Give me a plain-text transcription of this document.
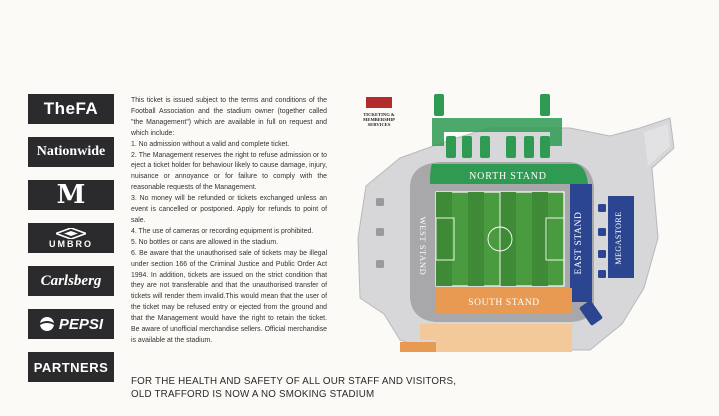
TheFA
Nationwide
M
UMBRO
Carlsberg
PEPSI
PARTNERS

This ticket is issued subject to the terms and conditions of the Football Association and the stadium owner (together called "the Management") which are available in full on request and which include:

1. No admission without a valid and complete ticket.

2. The Management reserves the right to refuse admission or to eject a ticket holder for behaviour likely to cause damage, injury, nuisance or annoyance or for failure to comply with the reasonable requests of the Management.

3. No money will be refunded or tickets exchanged unless an event is cancelled or postponed. Apply for refunds to point of sale.

4. The use of cameras or recording equipment is prohibited.

5. No bottles or cans are allowed in the stadium.

6. Be aware that the unauthorised sale of tickets may be illegal under section 166 of the Criminal Justice and Public Order Act 1994. In addition, tickets are issued on the strict condition that they are not transferable and that the unauthorised transfer of tickets will render them invalid.This would mean that the user of the ticket may be refused entry or ejected from the ground and that the Management would have the right to retain the ticket. Be aware of unofficial merchandise sellers. Official merchandise is available at the stadium.

TICKETING &
MEMBERSHIP
SERVICES
NORTH STAND
EAST STAND	MEGASTORE
WEST STAND
SOUTH STAND
FOR THE HEALTH AND SAFETY OF ALL OUR STAFF AND VISITORS,
OLD TRAFFORD IS NOW A NO SMOKING STADIUM
